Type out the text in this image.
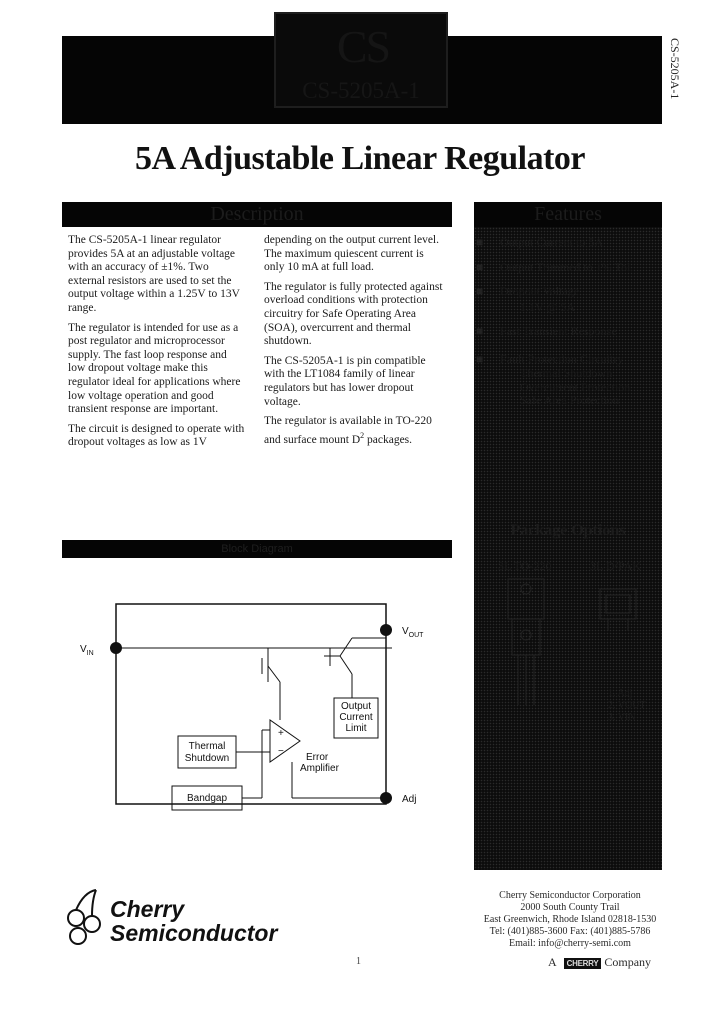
CS
CS-5205A-1	CS-5205A-1
5A Adjustable Linear Regulator
Description

The CS-5205A-1 linear regulator provides 5A at an adjustable voltage with an accuracy of ±1%. Two external resistors are used to set the output voltage within a 1.25V to 13V range.

The regulator is intended for use as a post regulator and microprocessor supply. The fast loop response and low dropout voltage make this regulator ideal for applications where low voltage operation and good transient response are important.

The circuit is designed to operate with dropout voltages as low as 1V

depending on the output current level. The maximum quiescent current is only 10 mA at full load.

The regulator is fully protected against overload conditions with protection circuitry for Safe Operating Area (SOA), overcurrent and thermal shutdown.

The CS-5205A-1 is pin compatible with the LT1084 family of linear regulators but has lower dropout voltage.

The regulator is available in TO-220 and surface mount $D^2$ packages.

Features
■	Output Current to 5A
■	Output Trimmed to 1% Tol.
■	Dropout Voltage
1.1V @ 5A
■	Fast Transient Response
■	Fault Protection Circuitry
Thermal Shutdown
Overcurrent Protection
Safe Area Protection
Package Options
3L TO-220	3L D²PAK
1. Adj
2. VOUT
3. VIN
Block Diagram
$V_{IN}$
$V_{OUT}$
Adj
Output
Current
Limit
+
−
Error
Amplifier
Thermal
Shutdown
Bandgap
Cherry
Semiconductor
Cherry Semiconductor Corporation
2000 South County Trail
East Greenwich, Rhode Island 02818-1530
Tel: (401)885-3600 Fax: (401)885-5786
Email: info@cherry-semi.com
1	A CHERRY Company
